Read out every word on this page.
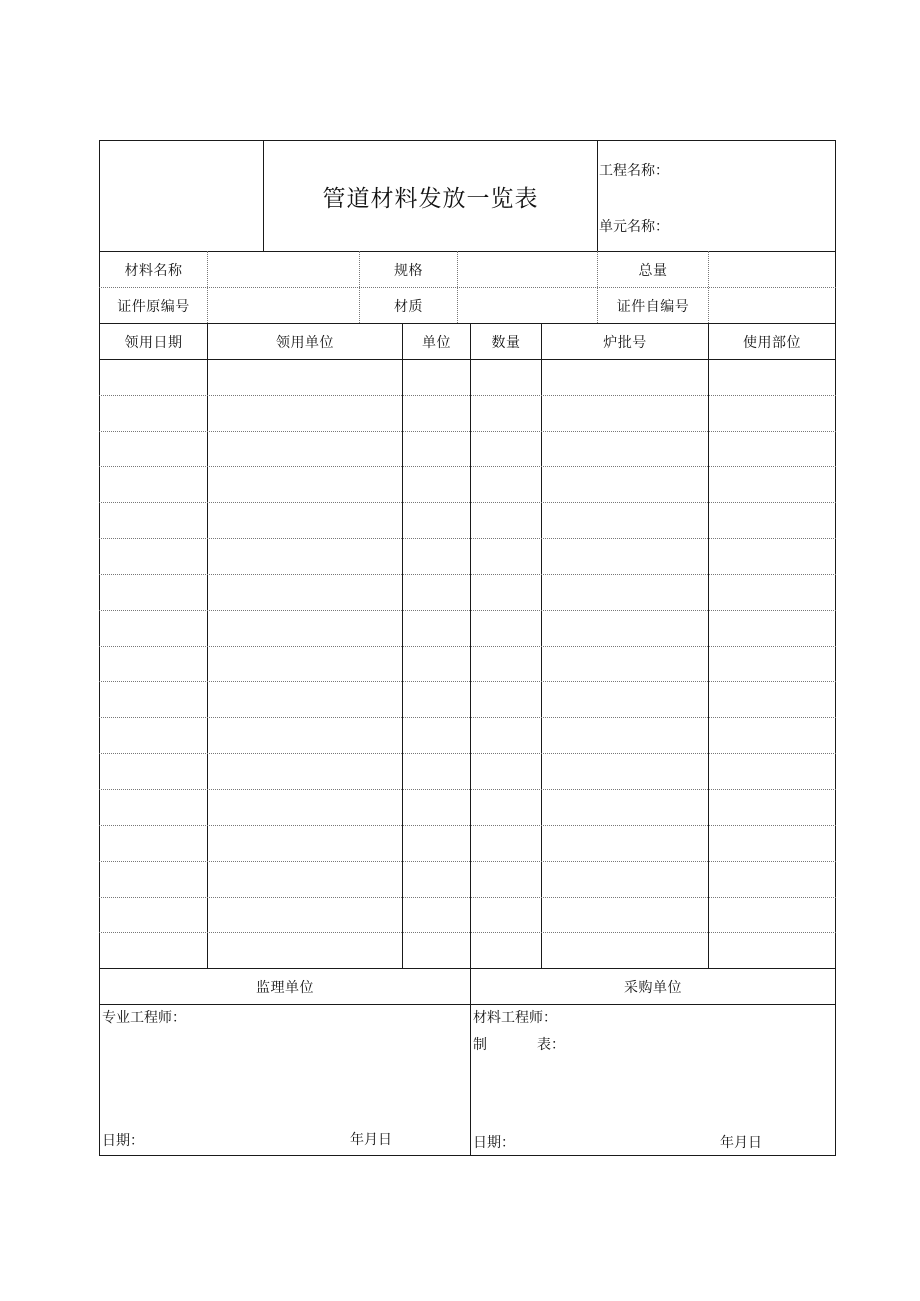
管道材料发放一览表
工程名称：
单元名称：
材料名称	规格	总量
证件原编号	材质	证件自编号
领用日期	领用单位	单位	数量	炉批号	使用部位
监理单位	采购单位
专业工程师：
日期：	年月日
材料工程师：
制	表：
日期：	年月日
